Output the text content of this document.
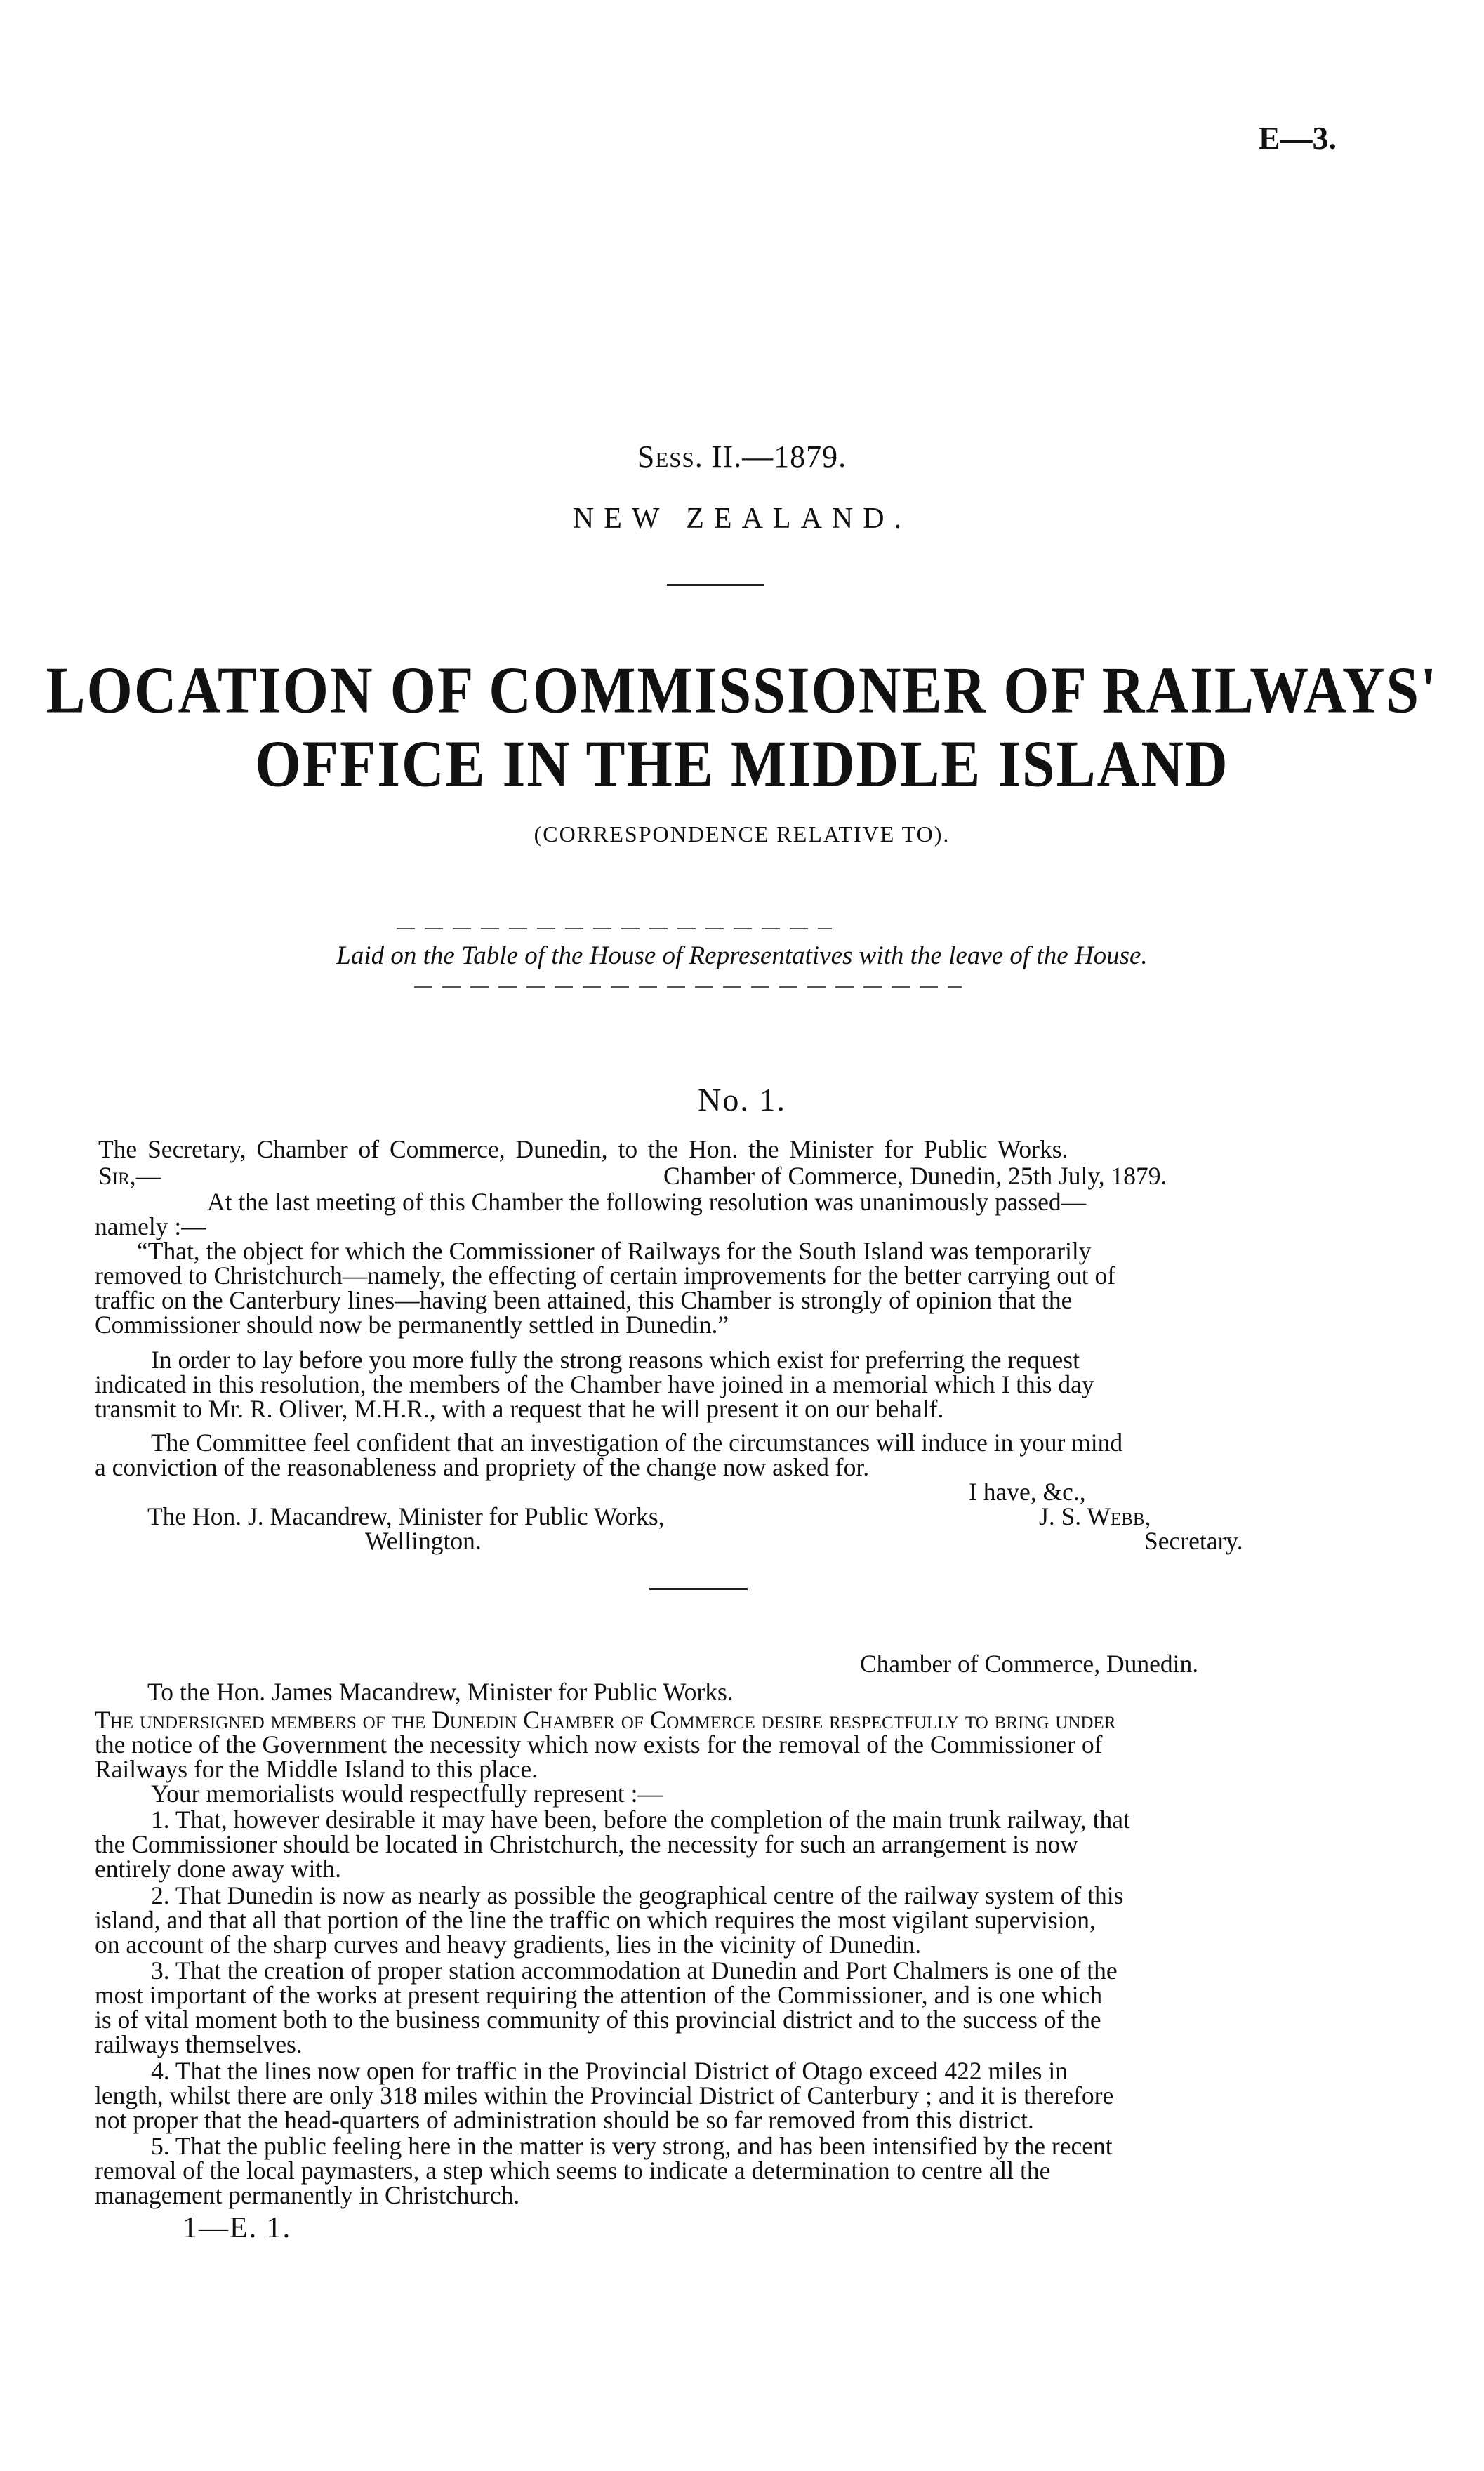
E—3.
Sess. II.—1879.
NEW ZEALAND.
LOCATION OF COMMISSIONER OF RAILWAYS'
OFFICE IN THE MIDDLE ISLAND
(CORRESPONDENCE RELATIVE TO).
Laid on the Table of the House of Representatives with the leave of the House.
No. 1.
The Secretary, Chamber of Commerce, Dunedin, to the Hon. the Minister for Public Works.
Sir,—	Chamber of Commerce, Dunedin, 25th July, 1879.
At the last meeting of this Chamber the following resolution was unanimously passed—
namely :—
“That, the object for which the Commissioner of Railways for the South Island was temporarily
removed to Christchurch—namely, the effecting of certain improvements for the better carrying out of
traffic on the Canterbury lines—having been attained, this Chamber is strongly of opinion that the
Commissioner should now be permanently settled in Dunedin.”
In order to lay before you more fully the strong reasons which exist for preferring the request
indicated in this resolution, the members of the Chamber have joined in a memorial which I this day
transmit to Mr. R. Oliver, M.H.R., with a request that he will present it on our behalf.
The Committee feel confident that an investigation of the circumstances will induce in your mind
a conviction of the reasonableness and propriety of the change now asked for.
I have, &c.,
The Hon. J. Macandrew, Minister for Public Works,	J. S. Webb,
Wellington.	Secretary.
Chamber of Commerce, Dunedin.
To the Hon. James Macandrew, Minister for Public Works.
The undersigned members of the Dunedin Chamber of Commerce desire respectfully to bring under
the notice of the Government the necessity which now exists for the removal of the Commissioner of
Railways for the Middle Island to this place.
Your memorialists would respectfully represent :—
1. That, however desirable it may have been, before the completion of the main trunk railway, that
the Commissioner should be located in Christchurch, the necessity for such an arrangement is now
entirely done away with.
2. That Dunedin is now as nearly as possible the geographical centre of the railway system of this
island, and that all that portion of the line the traffic on which requires the most vigilant supervision,
on account of the sharp curves and heavy gradients, lies in the vicinity of Dunedin.
3. That the creation of proper station accommodation at Dunedin and Port Chalmers is one of the
most important of the works at present requiring the attention of the Commissioner, and is one which
is of vital moment both to the business community of this provincial district and to the success of the
railways themselves.
4. That the lines now open for traffic in the Provincial District of Otago exceed 422 miles in
length, whilst there are only 318 miles within the Provincial District of Canterbury ; and it is therefore
not proper that the head-quarters of administration should be so far removed from this district.
5. That the public feeling here in the matter is very strong, and has been intensified by the recent
removal of the local paymasters, a step which seems to indicate a determination to centre all the
management permanently in Christchurch.
1—E. 1.
